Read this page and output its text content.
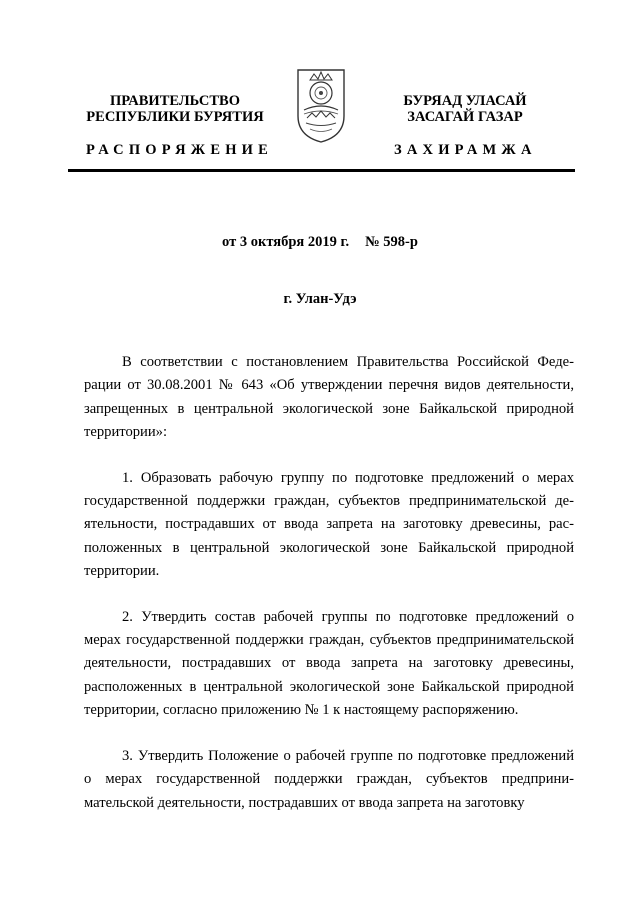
ПРАВИТЕЛЬСТВО
РЕСПУБЛИКИ БУРЯТИЯ
БУРЯАД УЛАСАЙ
ЗАСАГАЙ ГАЗАР
РАСПОРЯЖЕНИЕ	ЗАХИРАМЖА
от 3 октября 2019 г. № 598-р
г. Улан-Удэ

В соответствии с постановлением Правительства Российской Федерации от 30.08.2001 № 643 «Об утверждении перечня видов деятельности, запрещенных в центральной экологической зоне Байкальской природной территории»:

1. Образовать рабочую группу по подготовке предложений о мерах государственной поддержки граждан, субъектов предпринимательской деятельности, пострадавших от ввода запрета на заготовку древесины, расположенных в центральной экологической зоне Байкальской природной территории.

2. Утвердить состав рабочей группы по подготовке предложений о мерах государственной поддержки граждан, субъектов предпринимательской деятельности, пострадавших от ввода запрета на заготовку древесины, расположенных в центральной экологической зоне Байкальской природной территории, согласно приложению № 1 к настоящему распоряжению.

3. Утвердить Положение о рабочей группе по подготовке предложений о мерах государственной поддержки граждан, субъектов предпринимательской деятельности, пострадавших от ввода запрета на заготовку
